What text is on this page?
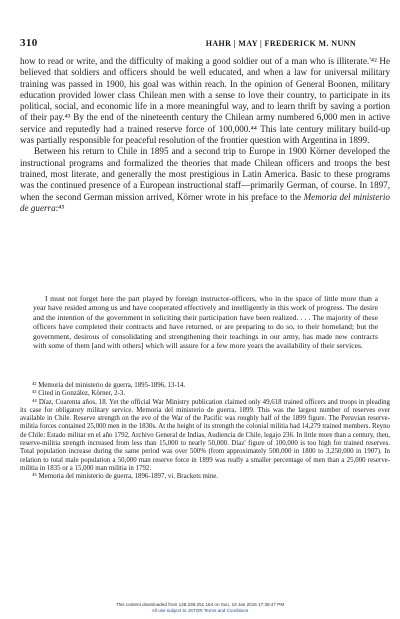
310	HAHR | MAY | FREDERICK M. NUNN

how to read or write, and the difficulty of making a good soldier out of a man who is illiterate.'⁴² He believed that soldiers and officers should be well educated, and when a law for universal military training was passed in 1900, his goal was within reach. In the opinion of General Boonen, military education provided lower class Chilean men with a sense to love their country, to participate in its political, social, and economic life in a more meaningful way, and to learn thrift by saving a portion of their pay.⁴³ By the end of the nineteenth century the Chilean army numbered 6,000 men in active service and reputedly had a trained reserve force of 100,000.⁴⁴ This late century military build-up was partially responsible for peaceful resolution of the frontier question with Argentina in 1899.

Between his return to Chile in 1895 and a second trip to Europe in 1900 Körner developed the instructional programs and formalized the theories that made Chilean officers and troops the best trained, most literate, and generally the most prestigious in Latin America. Basic to these programs was the continued presence of a European instructional staff—primarily German, of course. In 1897, when the second German mission arrived, Körner wrote in his preface to the Memoria del ministerio de guerra:⁴⁵

I must not forget here the part played by foreign instructor-officers, who in the space of little more than a year have resided among us and have cooperated effectively and intelligently in this work of progress. The desire and the intention of the government in soliciting their participation have been realized. . . . The majority of these officers have completed their contracts and have returned, or are preparing to do so, to their homeland; but the government, desirous of consolidating and strengthening their teachings in our army, has made new contracts with some of them [and with others] which will assure for a few more years the availability of their services.

⁴² Memoria del ministerio de guerra, 1895-1896, 13-14.

⁴³ Cited in González, Körner, 2-3.

⁴⁴ Díaz, Cuarenta años, 18. Yet the official War Ministry publication claimed only 49,618 trained officers and troops in pleading its case for obligatory military service. Memoria del ministerio de guerra, 1899. This was the largest number of reserves ever available in Chile. Reserve strength on the eve of the War of the Pacific was roughly half of the 1899 figure. The Peruvian reserve-militia forces contained 25,000 men in the 1830s. At the height of its strength the colonial militia had 14,279 trained members. Reyno de Chile: Estado militar en el año 1792, Archivo General de Indias, Audiencia de Chile, legajo 236. In little more than a century, then, reserve-militia strength increased from less than 15,000 to nearly 50,000. Díaz' figure of 100,000 is too high for trained reserves. Total population increase during the same period was over 500% (from approximately 500,000 in 1800 to 3,250,000 in 1907). In relation to total male population a 50,000 man reserve force in 1899 was really a smaller percentage of men than a 25,000 reserve-militia in 1835 or a 15,000 man militia in 1792.

⁴⁵ Memoria del ministerio de guerra, 1896-1897, vi. Brackets mine.

This content downloaded from 128.239.251.164 on Sun, 18 Jan 2015 17:38:47 PM
All use subject to JSTOR Terms and Conditions
